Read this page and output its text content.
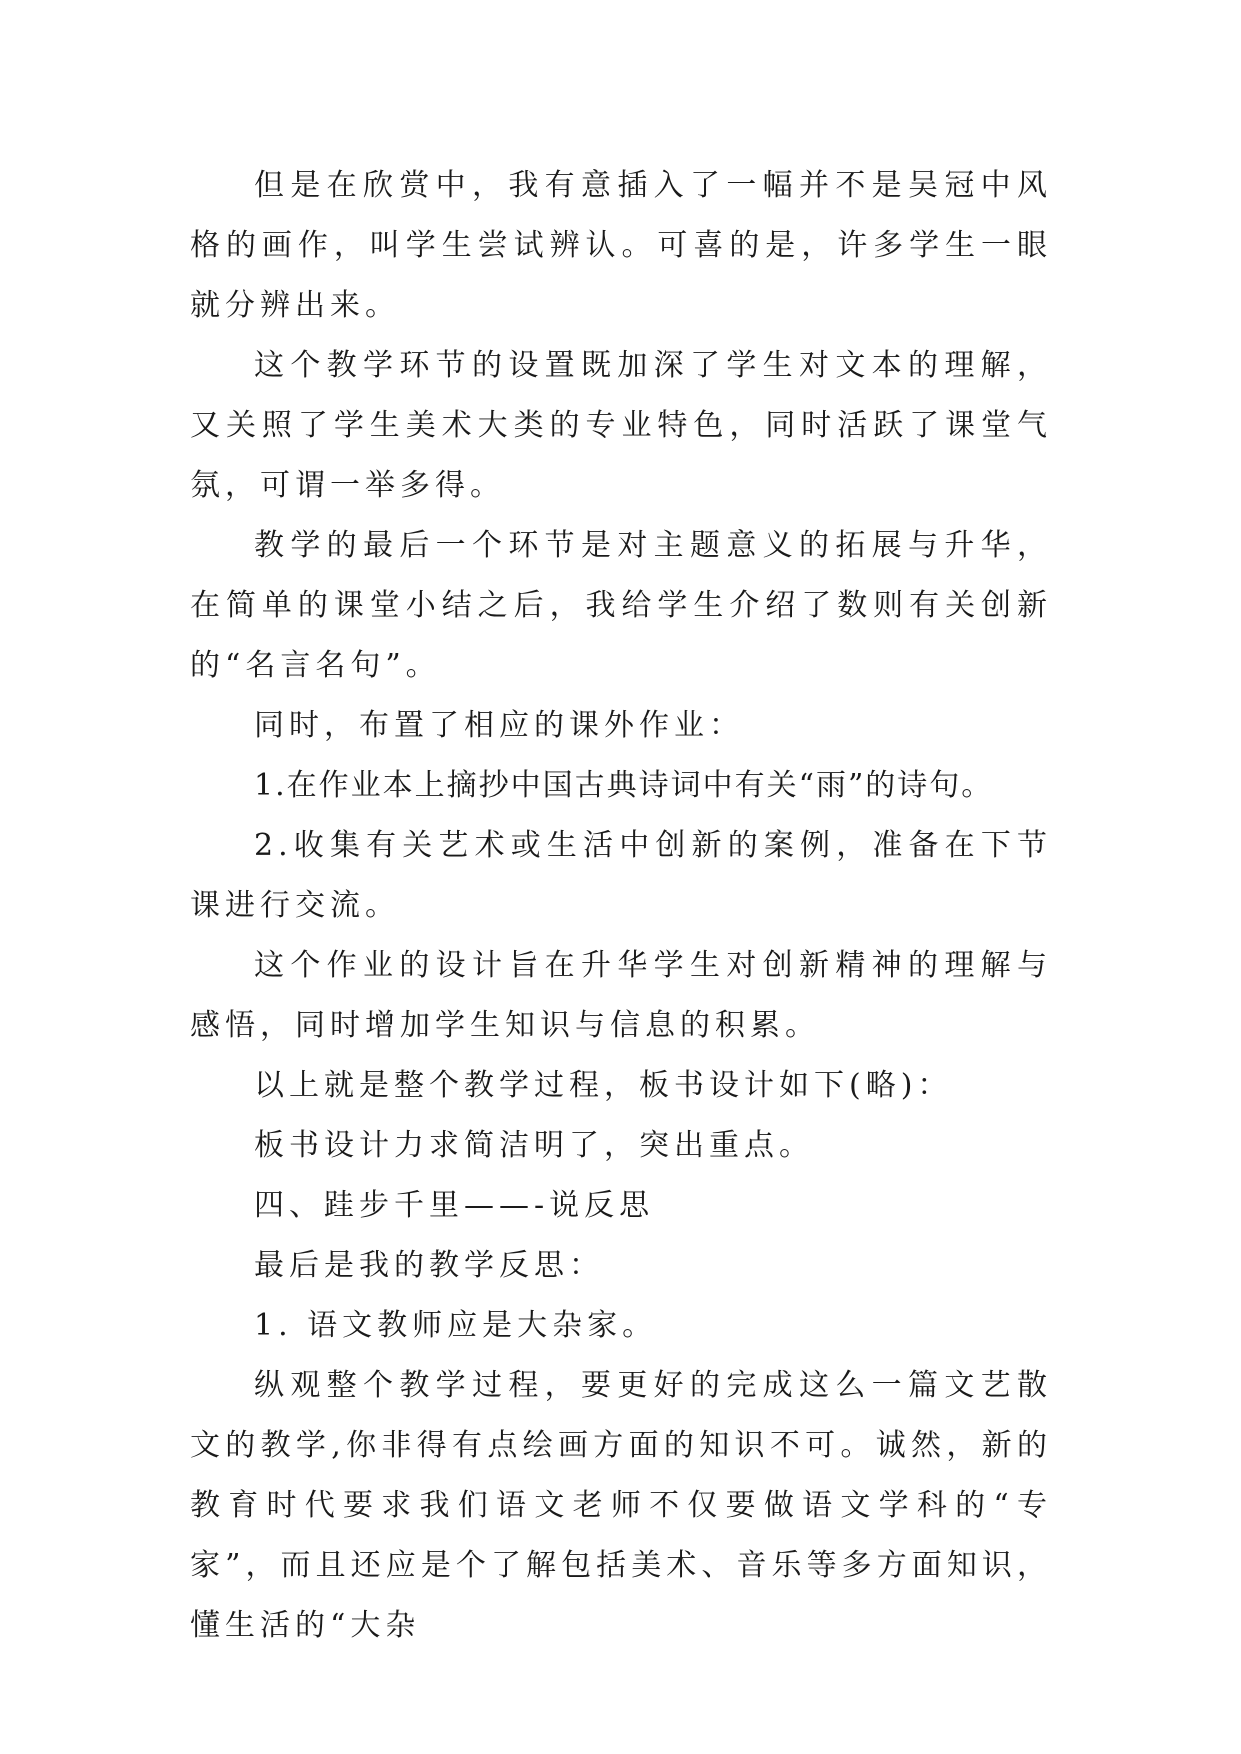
但是在欣赏中，我有意插入了一幅并不是吴冠中风格的画作，叫学生尝试辨认。可喜的是，许多学生一眼就分辨出来。

这个教学环节的设置既加深了学生对文本的理解，又关照了学生美术大类的专业特色，同时活跃了课堂气氛，可谓一举多得。

教学的最后一个环节是对主题意义的拓展与升华，在简单的课堂小结之后，我给学生介绍了数则有关创新的“名言名句”。

同时，布置了相应的课外作业：

1.在作业本上摘抄中国古典诗词中有关“雨”的诗句。

2.收集有关艺术或生活中创新的案例，准备在下节课进行交流。

这个作业的设计旨在升华学生对创新精神的理解与感悟，同时增加学生知识与信息的积累。

以上就是整个教学过程，板书设计如下(略)：

板书设计力求简洁明了，突出重点。

四、跬步千里——-说反思

最后是我的教学反思：

1. 语文教师应是大杂家。

纵观整个教学过程，要更好的完成这么一篇文艺散文的教学,你非得有点绘画方面的知识不可。诚然，新的教育时代要求我们语文老师不仅要做语文学科的“专家”，而且还应是个了解包括美术、音乐等多方面知识，懂生活的“大杂
